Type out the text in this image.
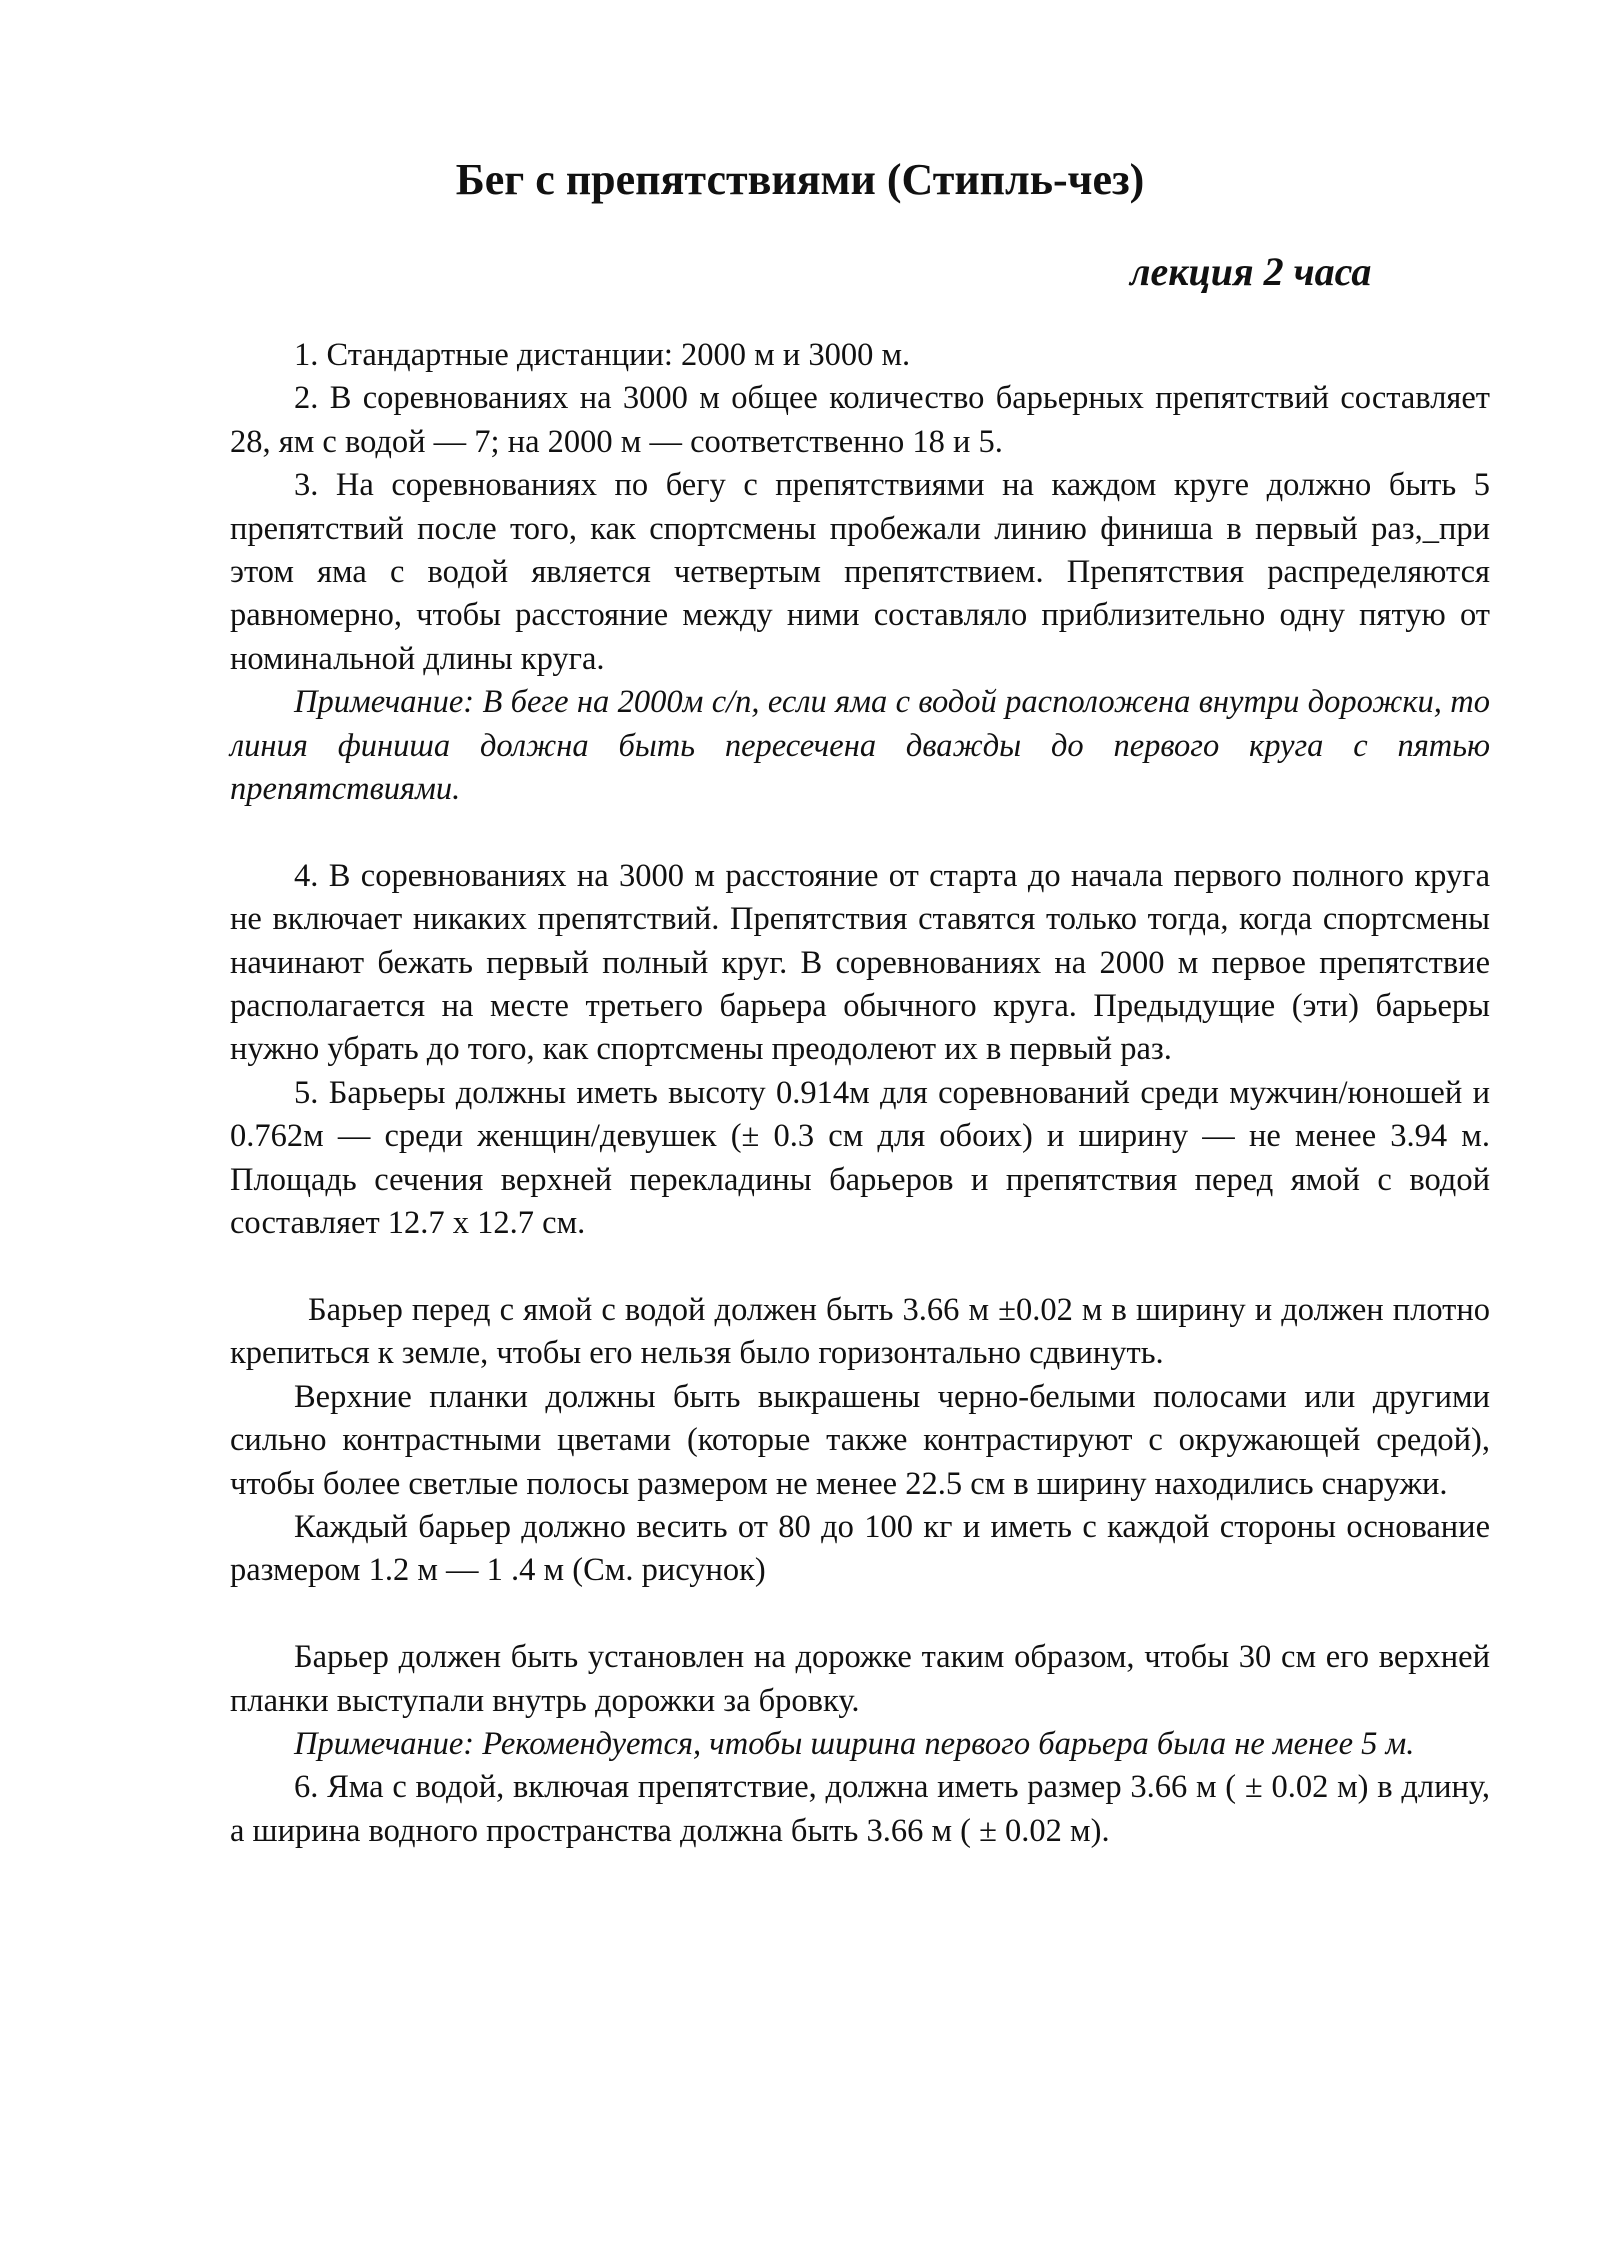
Бег с препятствиями (Стипль-чез)
лекция 2 часа

1. Стандартные дистанции: 2000 м и 3000 м.

2. В соревнованиях на 3000 м общее количество барьерных препятствий составляет 28, ям с водой — 7; на 2000 м — соответственно 18 и 5.

3. На соревнованиях по бегу с препятствиями на каждом круге должно быть 5 препятствий после того, как спортсмены пробежали линию финиша в первый раз,_при этом яма с водой является четвертым препятствием. Препятствия распределяются равномерно, чтобы расстояние между ними составляло приблизительно одну пятую от номинальной длины круга.

Примечание: В беге на 2000м с/п, если яма с водой расположена внутри дорожки, то линия финиша должна быть пересечена дважды до первого круга с пятью препятствиями.

4. В соревнованиях на 3000 м расстояние от старта до начала первого полного круга не включает никаких препятствий. Препятствия ставятся только тогда, когда спортсмены начинают бежать первый полный круг. В соревнованиях на 2000 м первое препятствие располагается на месте третьего барьера обычного круга. Предыдущие (эти) барьеры нужно убрать до того, как спортсмены преодолеют их в первый раз.

5. Барьеры должны иметь высоту 0.914м для соревнований среди мужчин/юношей и 0.762м — среди женщин/девушек (± 0.3 см для обоих) и ширину — не менее 3.94 м. Площадь сечения верхней перекладины барьеров и препятствия перед ямой с водой составляет 12.7 х 12.7 см.

Барьер перед с ямой с водой должен быть 3.66 м ±0.02 м в ширину и должен плотно крепиться к земле, чтобы его нельзя было горизонтально сдвинуть.

Верхние планки должны быть выкрашены черно-белыми полосами или другими сильно контрастными цветами (которые также контрастируют с окружающей средой), чтобы более светлые полосы размером не менее 22.5 см в ширину находились снаружи.

Каждый барьер должно весить от 80 до 100 кг и иметь с каждой стороны основание размером 1.2 м — 1 .4 м (См. рисунок)

Барьер должен быть установлен на дорожке таким образом, чтобы 30 см его верхней планки выступали внутрь дорожки за бровку.

Примечание: Рекомендуется, чтобы ширина первого барьера была не менее 5 м.

6. Яма с водой, включая препятствие, должна иметь размер 3.66 м ( ± 0.02 м) в длину, а ширина водного пространства должна быть 3.66 м ( ± 0.02 м).
